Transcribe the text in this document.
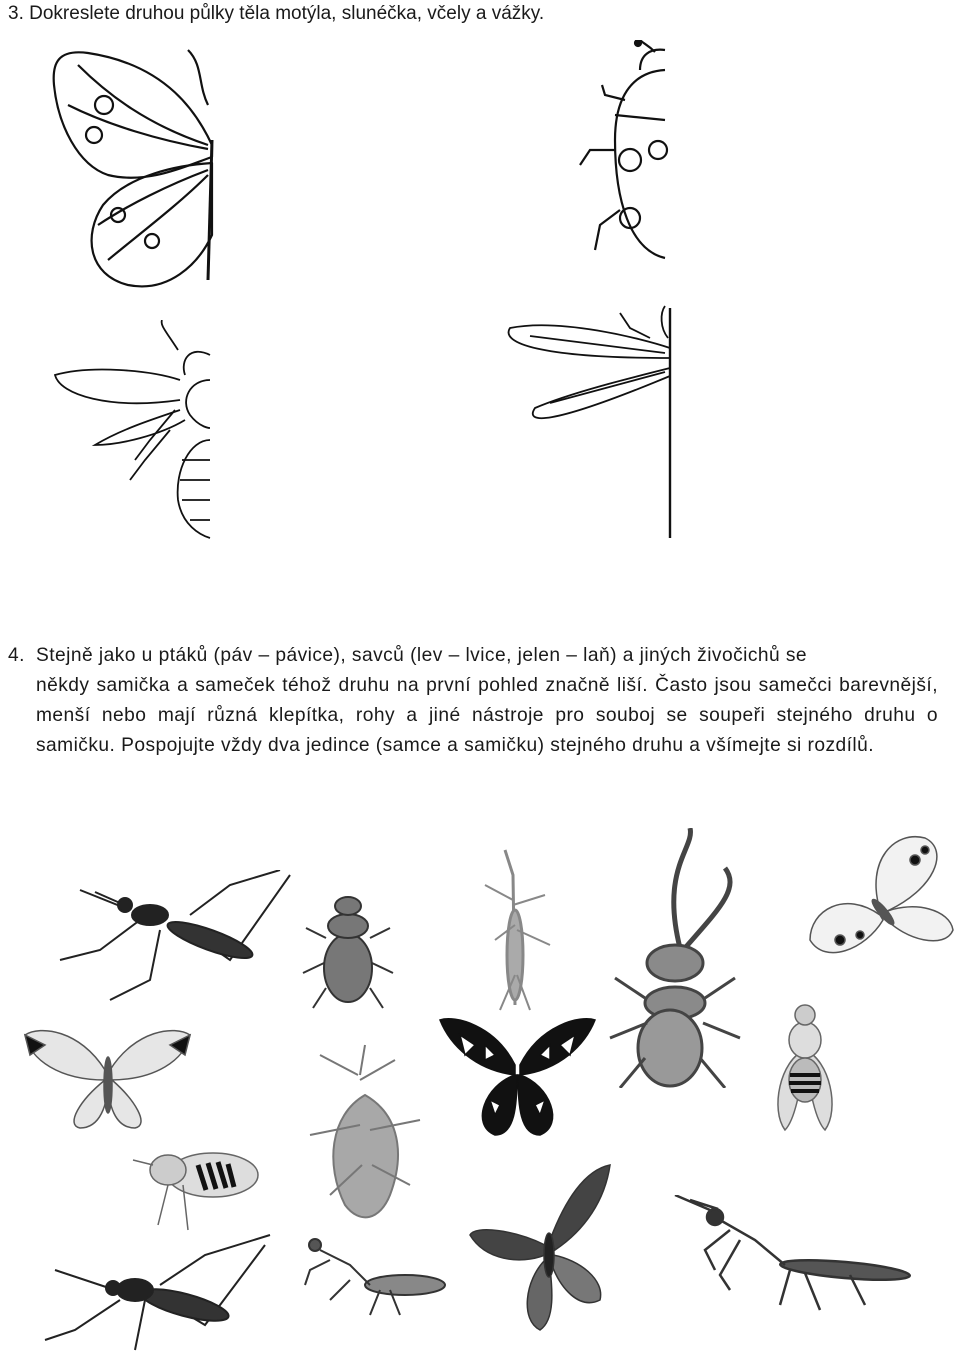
3. Dokreslete druhou půlky těla motýla, slunéčka, včely a vážky.
4. Stejně jako u ptáků (páv – pávice), savců (lev – lvice, jelen – laň) a jiných živočichů se
někdy samička a sameček téhož druhu na první pohled značně liší. Často jsou samečci barevnější, menší nebo mají různá klepítka, rohy a jiné nástroje pro souboj se soupeři stejného druhu o samičku. Pospojujte vždy dva jedince (samce a samičku) stejného druhu a všímejte si rozdílů.
